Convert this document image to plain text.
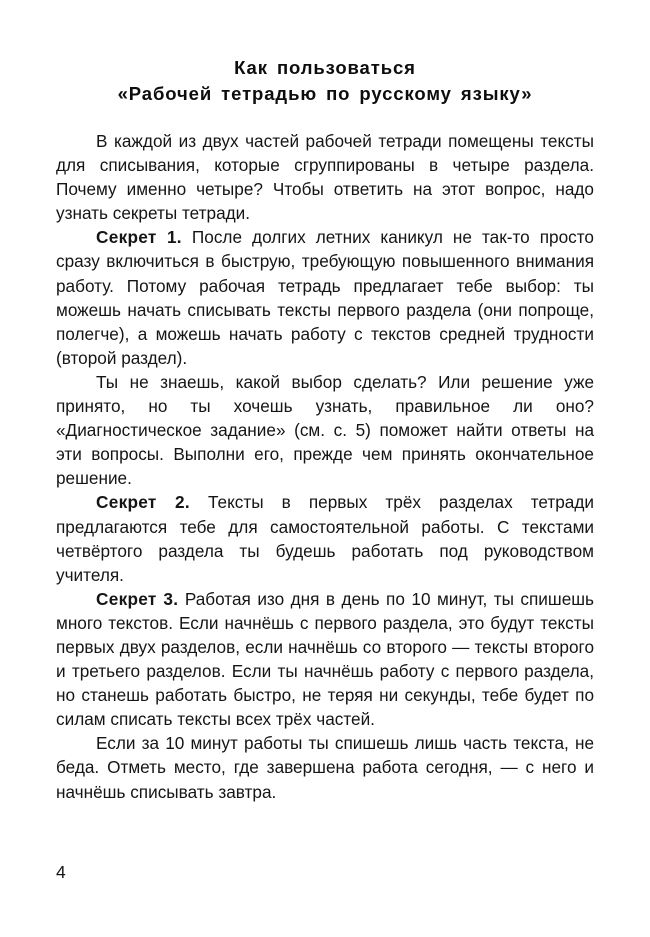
Как пользоваться
«Рабочей тетрадью по русскому языку»

В каждой из двух частей рабочей тетради помещены тексты для списывания, которые сгруппированы в четыре раздела. Почему именно четыре? Чтобы ответить на этот вопрос, надо узнать секреты тетради.

Секрет 1. После долгих летних каникул не так-то просто сразу включиться в быструю, требующую повышенного внимания работу. Потому рабочая тетрадь предлагает тебе выбор: ты можешь начать списывать тексты первого раздела (они попроще, полегче), а можешь начать работу с текстов средней трудности (второй раздел).

Ты не знаешь, какой выбор сделать? Или решение уже принято, но ты хочешь узнать, правильное ли оно? «Диагностическое задание» (см. с. 5) поможет найти ответы на эти вопросы. Выполни его, прежде чем принять окончательное решение.

Секрет 2. Тексты в первых трёх разделах тетради предлагаются тебе для самостоятельной работы. С текстами четвёртого раздела ты будешь работать под руководством учителя.

Секрет 3. Работая изо дня в день по 10 минут, ты спишешь много текстов. Если начнёшь с первого раздела, это будут тексты первых двух разделов, если начнёшь со второго — тексты второго и третьего разделов. Если ты начнёшь работу с первого раздела, но станешь работать быстро, не теряя ни секунды, тебе будет по силам списать тексты всех трёх частей.

Если за 10 минут работы ты спишешь лишь часть текста, не беда. Отметь место, где завершена работа сегодня, — с него и начнёшь списывать завтра.

4
